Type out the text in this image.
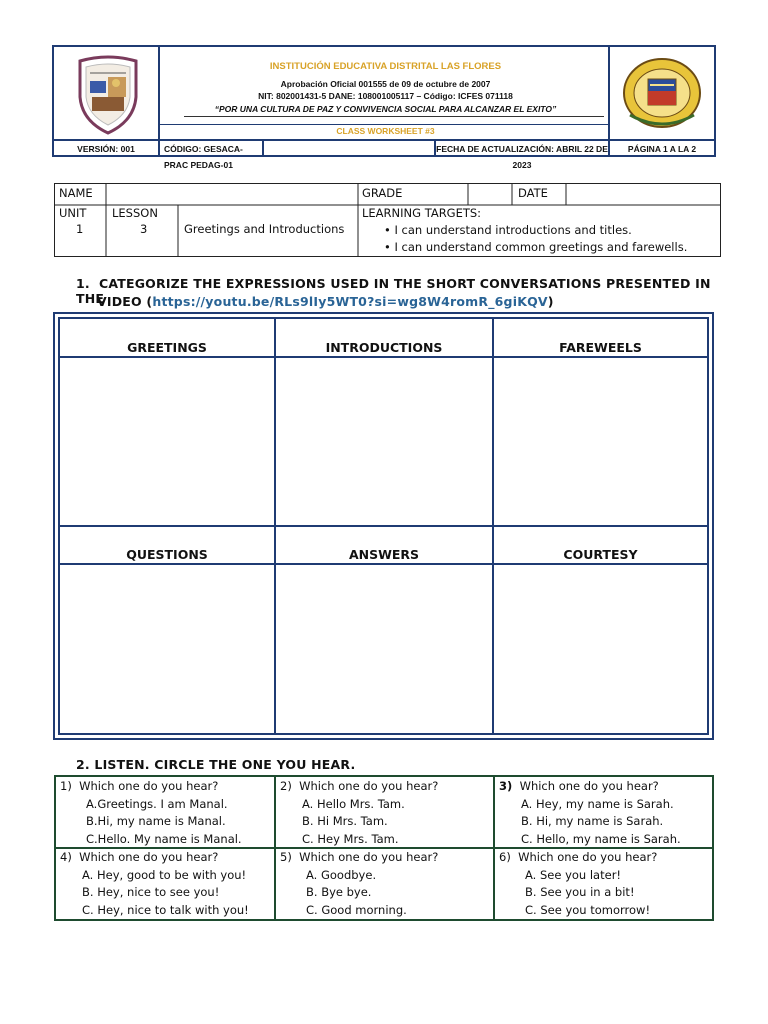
INSTITUCIÓN EDUCATIVA DISTRITAL LAS FLORES
Aprobación Oficial 001555 de 09 de octubre de 2007
NIT: 802001431-5 DANE: 108001005117 – Código: ICFES 071118
“POR UNA CULTURA DE PAZ Y CONVIVENCIA SOCIAL PARA ALCANZAR EL EXITO”
CLASS WORKSHEET #3
VERSIÓN: 001	CÓDIGO: GESACA-PRAC PEDAG-01
FECHA DE ACTUALIZACIÓN: ABRIL 22 DE 2023
PÁGINA 1 A LA 2
NAME	GRADE	DATE
UNIT
1
LESSON
3	Greetings and Introductions
LEARNING TARGETS:
• I can understand introductions and titles.
• I can understand common greetings and farewells.
1. CATEGORIZE THE EXPRESSIONS USED IN THE SHORT CONVERSATIONS PRESENTED IN THE
VIDEO (https://youtu.be/RLs9lIy5WT0?si=wg8W4romR_6giKQV)
GREETINGS	INTRODUCTIONS	FAREWEELS
QUESTIONS	ANSWERS	COURTESY
2. LISTEN. CIRCLE THE ONE YOU HEAR.
1) Which one do you hear?
A.Greetings. I am Manal.
B.Hi, my name is Manal.
C.Hello. My name is Manal.
2) Which one do you hear?
A. Hello Mrs. Tam.
B. Hi Mrs. Tam.
C. Hey Mrs. Tam.
3) Which one do you hear?
A. Hey, my name is Sarah.
B. Hi, my name is Sarah.
C. Hello, my name is Sarah.
4) Which one do you hear?
A. Hey, good to be with you!
B. Hey, nice to see you!
C. Hey, nice to talk with you!
5) Which one do you hear?
A. Goodbye.
B. Bye bye.
C. Good morning.
6) Which one do you hear?
A. See you later!
B. See you in a bit!
C. See you tomorrow!
